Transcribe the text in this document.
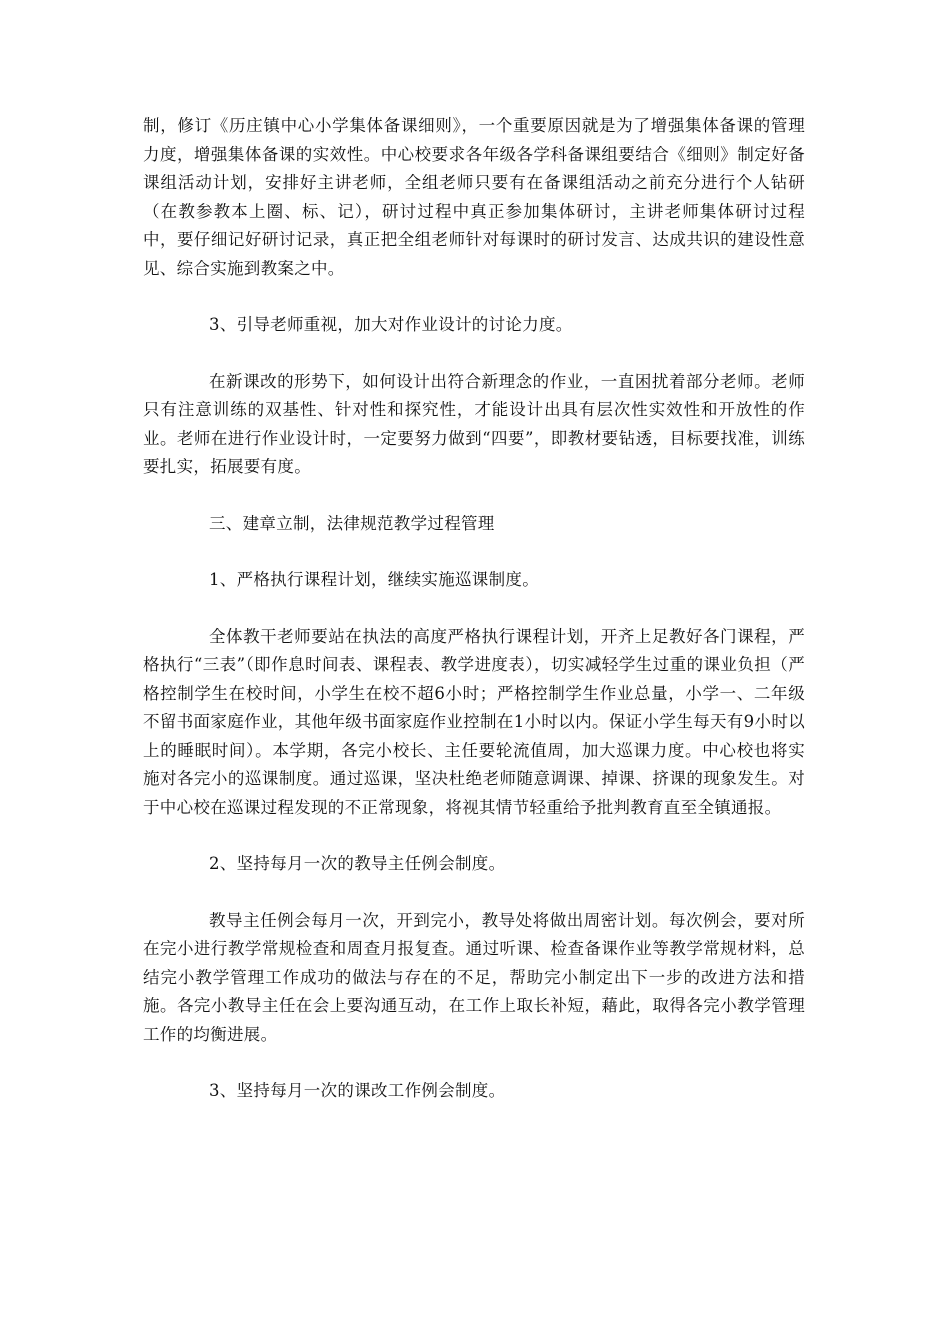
制，修订《历庄镇中心小学集体备课细则》，一个重要原因就是为了增强集体备课的管理力度，增强集体备课的实效性。中心校要求各年级各学科备课组要结合《细则》制定好备课组活动计划，安排好主讲老师，全组老师只要有在备课组活动之前充分进行个人钻研（在教参教本上圈、标、记），研讨过程中真正参加集体研讨，主讲老师集体研讨过程中，要仔细记好研讨记录，真正把全组老师针对每课时的研讨发言、达成共识的建设性意见、综合实施到教案之中。

3、引导老师重视，加大对作业设计的讨论力度。

在新课改的形势下，如何设计出符合新理念的作业，一直困扰着部分老师。老师只有注意训练的双基性、针对性和探究性，才能设计出具有层次性实效性和开放性的作业。老师在进行作业设计时，一定要努力做到“四要”，即教材要钻透，目标要找准，训练要扎实，拓展要有度。

三、建章立制，法律规范教学过程管理

1、严格执行课程计划，继续实施巡课制度。

全体教干老师要站在执法的高度严格执行课程计划，开齐上足教好各门课程，严格执行“三表”（即作息时间表、课程表、教学进度表），切实减轻学生过重的课业负担（严格控制学生在校时间，小学生在校不超6小时；严格控制学生作业总量，小学一、二年级不留书面家庭作业，其他年级书面家庭作业控制在1小时以内。保证小学生每天有9小时以上的睡眠时间）。本学期，各完小校长、主任要轮流值周，加大巡课力度。中心校也将实施对各完小的巡课制度。通过巡课，坚决杜绝老师随意调课、掉课、挤课的现象发生。对于中心校在巡课过程发现的不正常现象，将视其情节轻重给予批判教育直至全镇通报。

2、坚持每月一次的教导主任例会制度。

教导主任例会每月一次，开到完小，教导处将做出周密计划。每次例会，要对所在完小进行教学常规检查和周查月报复查。通过听课、检查备课作业等教学常规材料，总结完小教学管理工作成功的做法与存在的不足，帮助完小制定出下一步的改进方法和措施。各完小教导主任在会上要沟通互动，在工作上取长补短，藉此，取得各完小教学管理工作的均衡进展。

3、坚持每月一次的课改工作例会制度。
